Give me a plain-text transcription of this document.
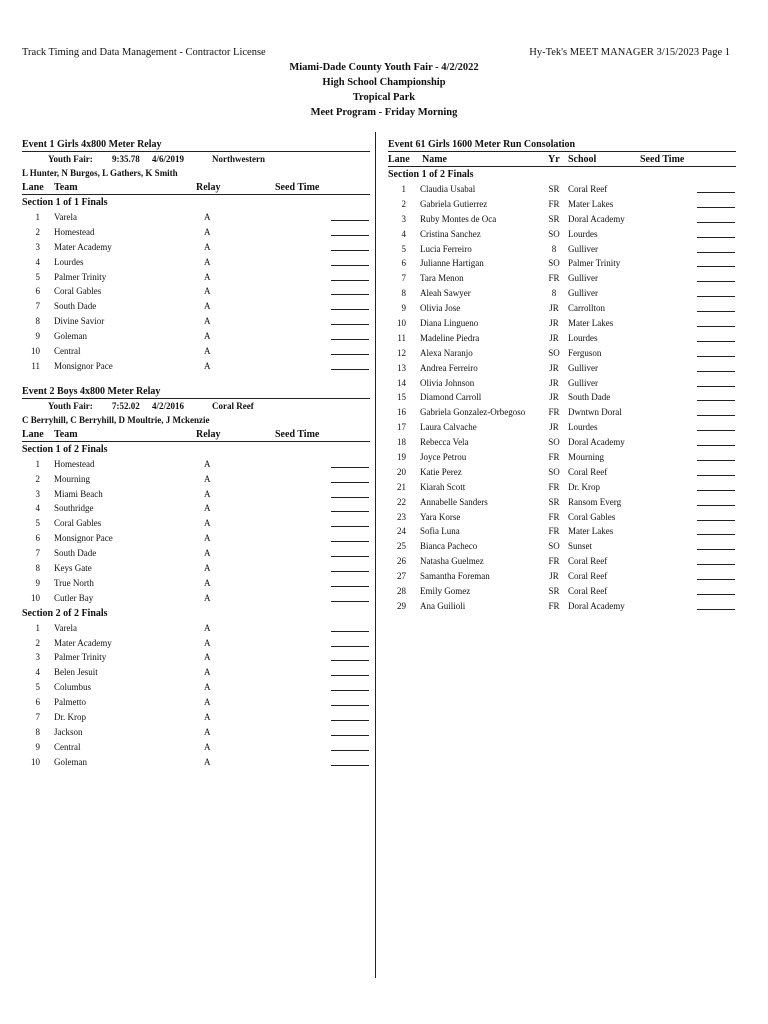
Track Timing and Data Management - Contractor License	Hy-Tek's MEET MANAGER 3/15/2023 Page 1
Miami-Dade County Youth Fair - 4/2/2022
High School Championship
Tropical Park
Meet Program - Friday Morning
Event 1 Girls 4x800 Meter Relay
Youth Fair: 9:35.78 4/6/2019	Northwestern
L Hunter, N Burgos, L Gathers, K Smith
Lane Team	Relay	Seed Time
Section 1 of 1 Finals
1 Varela	A
2 Homestead	A
3 Mater Academy	A
4 Lourdes	A
5 Palmer Trinity	A
6 Coral Gables	A
7 South Dade	A
8 Divine Savior	A
9 Goleman	A
10 Central	A
11 Monsignor Pace	A
Event 2 Boys 4x800 Meter Relay
Youth Fair: 7:52.02 4/2/2016	Coral Reef
C Berryhill, C Berryhill, D Moultrie, J Mckenzie
Lane Team	Relay	Seed Time
Section 1 of 2 Finals
1 Homestead	A
2 Mourning	A
3 Miami Beach	A
4 Southridge	A
5 Coral Gables	A
6 Monsignor Pace	A
7 South Dade	A
8 Keys Gate	A
9 True North	A
10 Cutler Bay	A
Section 2 of 2 Finals
1 Varela	A
2 Mater Academy	A
3 Palmer Trinity	A
4 Belen Jesuit	A
5 Columbus	A
6 Palmetto	A
7 Dr. Krop	A
8 Jackson	A
9 Central	A
10 Goleman	A
Event 61 Girls 1600 Meter Run Consolation
Lane Name	Yr School	Seed Time
Section 1 of 2 Finals
1 Claudia Usabal	SR Coral Reef
2 Gabriela Gutierrez	FR Mater Lakes
3 Ruby Montes de Oca	SR Doral Academy
4 Cristina Sanchez	SO Lourdes
5 Lucia Ferreiro	8	Gulliver
6 Julianne Hartigan	SO Palmer Trinity
7 Tara Menon	FR Gulliver
8 Aleah Sawyer	8	Gulliver
9 Olivia Jose	JR	Carrollton
10 Diana Lingueno	JR	Mater Lakes
11 Madeline Piedra	JR	Lourdes
12 Alexa Naranjo	SO Ferguson
13 Andrea Ferreiro	JR	Gulliver
14 Olivia Johnson	JR	Gulliver
15 Diamond Carroll	JR	South Dade
16 Gabriela Gonzalez-Orbegoso	FR Dwntwn Doral
17 Laura Calvache	JR	Lourdes
18 Rebecca Vela	SO Doral Academy
19 Joyce Petrou	FR Mourning
20 Katie Perez	SO Coral Reef
21 Kiarah Scott	FR Dr. Krop
22 Annabelle Sanders	SR Ransom Everg
23 Yara Korse	FR Coral Gables
24 Sofia Luna	FR Mater Lakes
25 Bianca Pacheco	SO Sunset
26 Natasha Guelmez	FR Coral Reef
27 Samantha Foreman	JR	Coral Reef
28 Emily Gomez	SR Coral Reef
29 Ana Guilioli	FR Doral Academy
